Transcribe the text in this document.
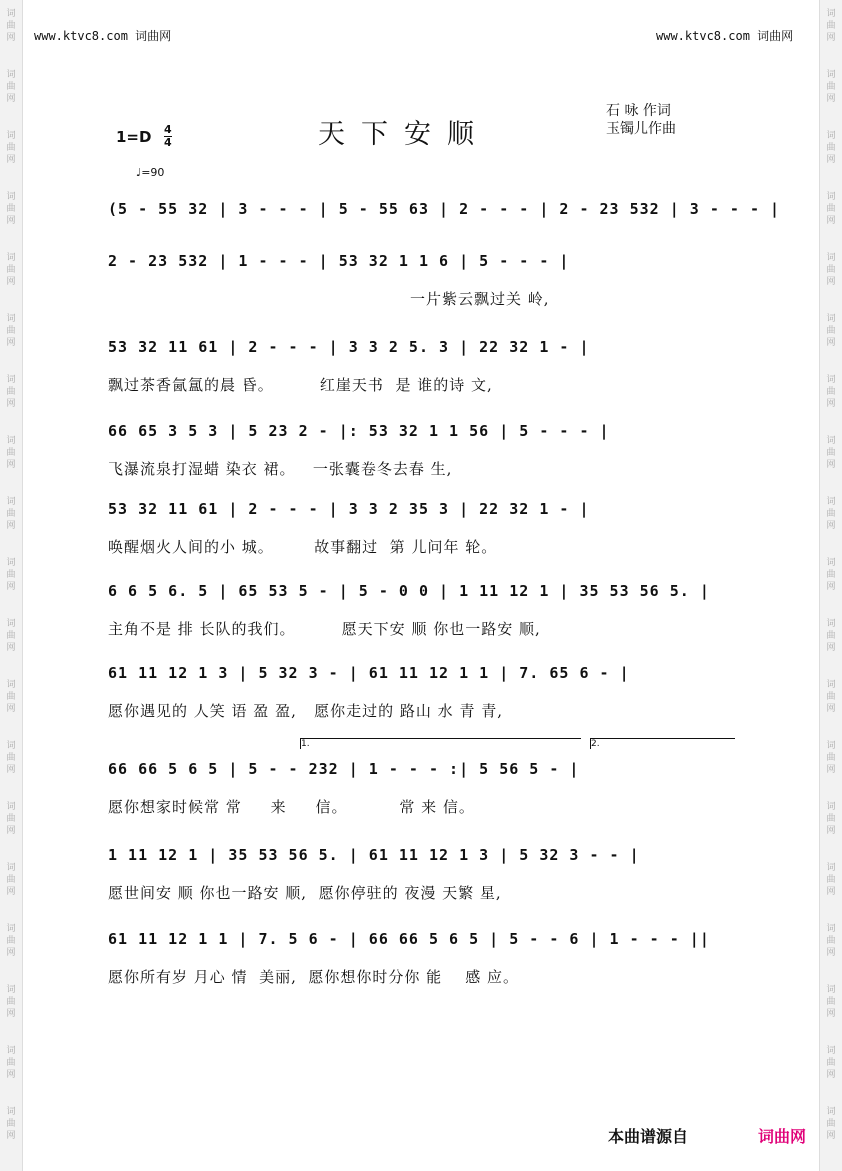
www.ktvc8.com 词曲网	www.ktvc8.com 词曲网
天下安顺
石 咏 作词
玉镯儿作曲
1=D 4
4
♩=90
(5 - 55 32 | 3 - - - | 5 - 55 63 | 2 - - - | 2 - 23 532 | 3 - - - |
2 - 23 532 | 1 - - - | 53 32 1 1 6 | 5 - - - |
一片紫云飘过关 岭,
53 32 11 61 | 2 - - - | 3 3 2 5. 3 | 22 32 1 - |
飘过茶香氤氲的晨 昏。        红崖天书  是 谁的诗 文,
66 65 3 5 3 | 5 23 2 - |: 53 32 1 1 56 | 5 - - - |
飞瀑流泉打湿蜡 染衣 裙。   一张囊卷冬去春 生,
53 32 11 61 | 2 - - - | 3 3 2 35 3 | 22 32 1 - |
唤醒烟火人间的小 城。       故事翻过  第 儿问年 轮。
6 6 5 6. 5 | 65 53 5 - | 5 - 0 0 | 1 11 12 1 | 35 53 56 5. |
主角不是 排 长队的我们。        愿天下安 顺 你也一路安 顺,
61 11 12 1 3 | 5 32 3 - | 61 11 12 1 1 | 7. 65 6 - |
愿你遇见的 人笑 语 盈 盈,   愿你走过的 路山 水 青 青,
66 66 5 6 5 | 5 - - 232 | 1 - - - :| 5 56 5 - |
愿你想家时候常 常     来     信。         常 来 信。
1 11 12 1 | 35 53 56 5. | 61 11 12 1 3 | 5 32 3 - - |
愿世间安 顺 你也一路安 顺,  愿你停驻的 夜漫 天繁 星,
61 11 12 1 1 | 7. 5 6 - | 66 66 5 6 5 | 5 - - 6 | 1 - - - ||
愿你所有岁 月心 情  美丽,  愿你想你时分你 能    感 应。
1.	2.
本曲谱源自	词曲网
词
曲
网
词
曲
网
词
曲
网
词
曲
网
词
曲
网
词
曲
网
词
曲
网
词
曲
网
词
曲
网
词
曲
网
词
曲
网
词
曲
网
词
曲
网
词
曲
网
词
曲
网
词
曲
网
词
曲
网
词
曲
网
词
曲
网
词
曲
网
词
曲
网
词
曲
网
词
曲
网
词
曲
网
词
曲
网
词
曲
网
词
曲
网
词
曲
网
词
曲
网
词
曲
网
词
曲
网
词
曲
网
词
曲
网
词
曲
网
词
曲
网
词
曲
网
词
曲
网
词
曲
网
